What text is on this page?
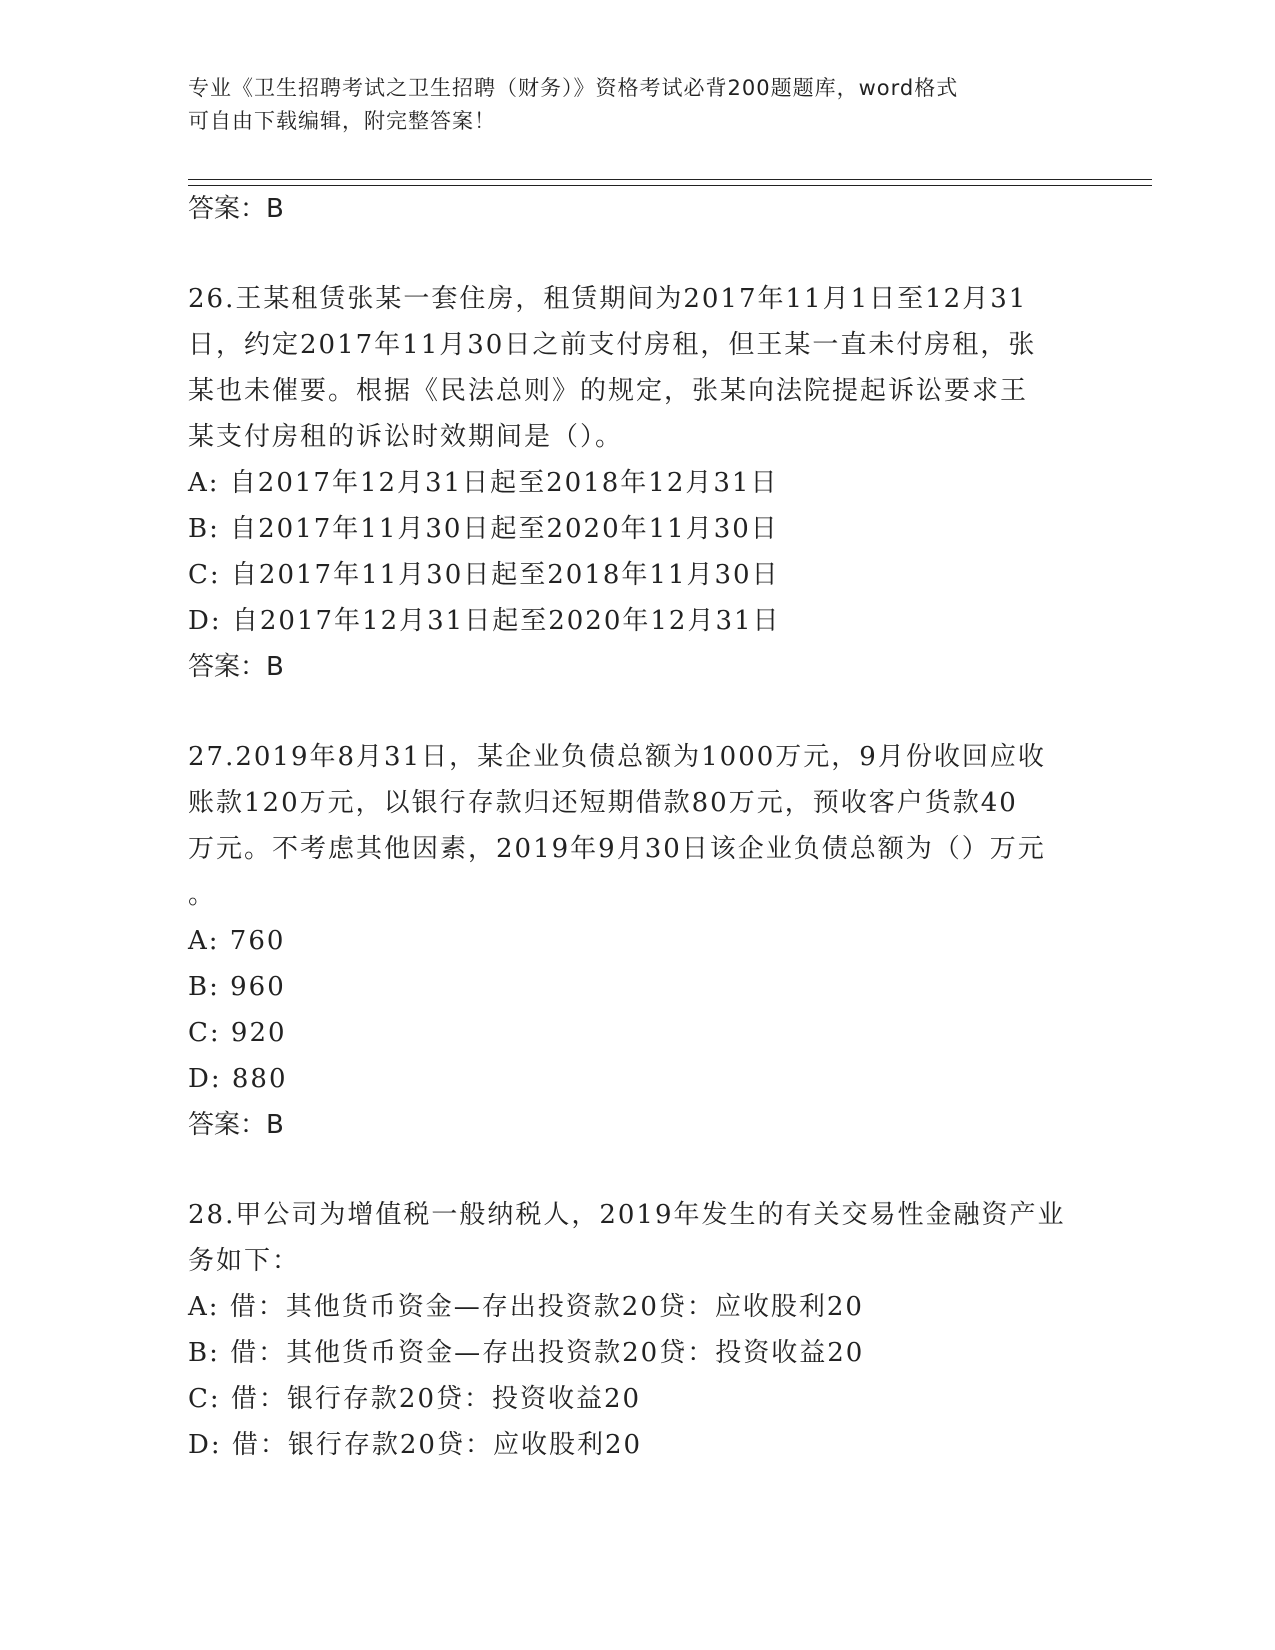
专业《卫生招聘考试之卫生招聘（财务）》资格考试必背200题题库，word格式
可自由下载编辑，附完整答案！
答案：B
26.王某租赁张某一套住房，租赁期间为2017年11月1日至12月31
日，约定2017年11月30日之前支付房租，但王某一直未付房租，张
某也未催要。根据《民法总则》的规定，张某向法院提起诉讼要求王
某支付房租的诉讼时效期间是（）。
A: 自2017年12月31日起至2018年12月31日
B: 自2017年11月30日起至2020年11月30日
C: 自2017年11月30日起至2018年11月30日
D: 自2017年12月31日起至2020年12月31日
答案：B
27.2019年8月31日，某企业负债总额为1000万元，9月份收回应收
账款120万元，以银行存款归还短期借款80万元，预收客户货款40
万元。不考虑其他因素，2019年9月30日该企业负债总额为（）万元
。
A: 760
B: 960
C: 920
D: 880
答案：B
28.甲公司为增值税一般纳税人，2019年发生的有关交易性金融资产业
务如下：
A: 借：其他货币资金—存出投资款20贷：应收股利20
B: 借：其他货币资金—存出投资款20贷：投资收益20
C: 借：银行存款20贷：投资收益20
D: 借：银行存款20贷：应收股利20
